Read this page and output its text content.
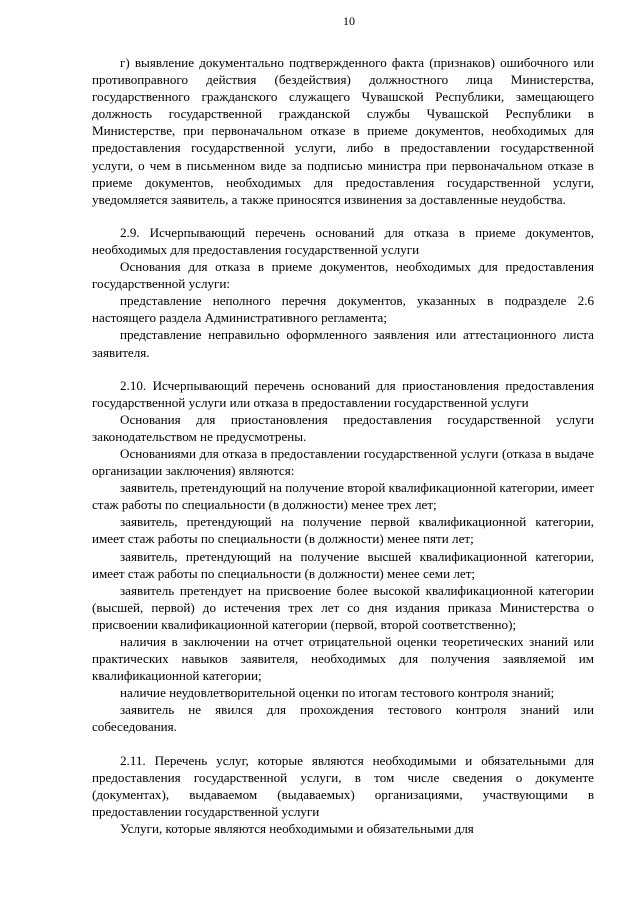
10

г) выявление документально подтвержденного факта (признаков) ошибочного или противоправного действия (бездействия) должностного лица Министерства, государственного гражданского служащего Чувашской Республики, замещающего должность государственной гражданской службы Чувашской Республики в Министерстве, при первоначальном отказе в приеме документов, необходимых для предоставления государственной услуги, либо в предоставлении государственной услуги, о чем в письменном виде за подписью министра при первоначальном отказе в приеме документов, необходимых для предоставления государственной услуги, уведомляется заявитель, а также приносятся извинения за доставленные неудобства.

2.9. Исчерпывающий перечень оснований для отказа в приеме документов, необходимых для предоставления государственной услуги

Основания для отказа в приеме документов, необходимых для предоставления государственной услуги:

представление неполного перечня документов, указанных в подразделе 2.6 настоящего раздела Административного регламента;

представление неправильно оформленного заявления или аттестационного листа заявителя.

2.10. Исчерпывающий перечень оснований для приостановления предоставления государственной услуги или отказа в предоставлении государственной услуги

Основания для приостановления предоставления государственной услуги законодательством не предусмотрены.

Основаниями для отказа в предоставлении государственной услуги (отказа в выдаче организации заключения) являются:

заявитель, претендующий на получение второй квалификационной категории, имеет стаж работы по специальности (в должности) менее трех лет;

заявитель, претендующий на получение первой квалификационной категории, имеет стаж работы по специальности (в должности) менее пяти лет;

заявитель, претендующий на получение высшей квалификационной категории, имеет стаж работы по специальности (в должности) менее семи лет;

заявитель претендует на присвоение более высокой квалификационной категории (высшей, первой) до истечения трех лет со дня издания приказа Министерства о присвоении квалификационной категории (первой, второй соответственно);

наличия в заключении на отчет отрицательной оценки теоретических знаний или практических навыков заявителя, необходимых для получения заявляемой им квалификационной категории;

наличие неудовлетворительной оценки по итогам тестового контроля знаний;

заявитель не явился для прохождения тестового контроля знаний или собеседования.

2.11. Перечень услуг, которые являются необходимыми и обязательными для предоставления государственной услуги, в том числе сведения о документе (документах), выдаваемом (выдаваемых) организациями, участвующими в предоставлении государственной услуги

Услуги, которые являются необходимыми и обязательными для
